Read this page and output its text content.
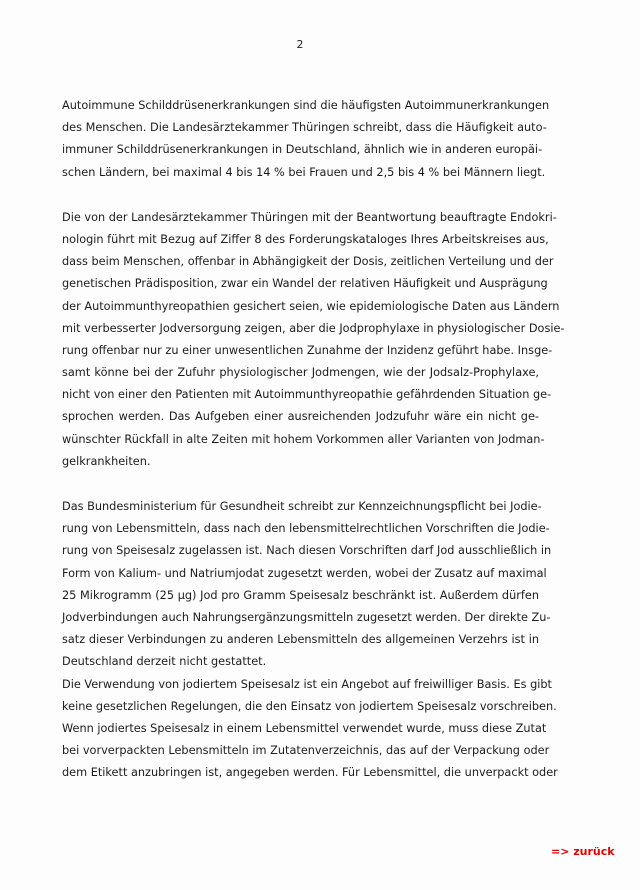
2
Autoimmune Schilddrüsenerkrankungen sind die häufigsten Autoimmunerkrankungen
des Menschen. Die Landesärztekammer Thüringen schreibt, dass die Häufigkeit auto-
immuner Schilddrüsenerkrankungen in Deutschland, ähnlich wie in anderen europäi-
schen Ländern, bei maximal 4 bis 14 % bei Frauen und 2,5 bis 4 % bei Männern liegt.
Die von der Landesärztekammer Thüringen mit der Beantwortung beauftragte Endokri-
nologin führt mit Bezug auf Ziffer 8 des Forderungskataloges Ihres Arbeitskreises aus,
dass beim Menschen, offenbar in Abhängigkeit der Dosis, zeitlichen Verteilung und der
genetischen Prädisposition, zwar ein Wandel der relativen Häufigkeit und Ausprägung
der Autoimmunthyreopathien gesichert seien, wie epidemiologische Daten aus Ländern
mit verbesserter Jodversorgung zeigen, aber die Jodprophylaxe in physiologischer Dosie-
rung offenbar nur zu einer unwesentlichen Zunahme der Inzidenz geführt habe. Insge-
samt könne bei der Zufuhr physiologischer Jodmengen, wie der Jodsalz-Prophylaxe,
nicht von einer den Patienten mit Autoimmunthyreopathie gefährdenden Situation ge-
sprochen werden. Das Aufgeben einer ausreichenden Jodzufuhr wäre ein nicht ge-
wünschter Rückfall in alte Zeiten mit hohem Vorkommen aller Varianten von Jodman-
gelkrankheiten.
Das Bundesministerium für Gesundheit schreibt zur Kennzeichnungspflicht bei Jodie-
rung von Lebensmitteln, dass nach den lebensmittelrechtlichen Vorschriften die Jodie-
rung von Speisesalz zugelassen ist. Nach diesen Vorschriften darf Jod ausschließlich in
Form von Kalium- und Natriumjodat zugesetzt werden, wobei der Zusatz auf maximal
25 Mikrogramm (25 µg) Jod pro Gramm Speisesalz beschränkt ist. Außerdem dürfen
Jodverbindungen auch Nahrungsergänzungsmitteln zugesetzt werden. Der direkte Zu-
satz dieser Verbindungen zu anderen Lebensmitteln des allgemeinen Verzehrs ist in
Deutschland derzeit nicht gestattet.
Die Verwendung von jodiertem Speisesalz ist ein Angebot auf freiwilliger Basis. Es gibt
keine gesetzlichen Regelungen, die den Einsatz von jodiertem Speisesalz vorschreiben.
Wenn jodiertes Speisesalz in einem Lebensmittel verwendet wurde, muss diese Zutat
bei vorverpackten Lebensmitteln im Zutatenverzeichnis, das auf der Verpackung oder
dem Etikett anzubringen ist, angegeben werden. Für Lebensmittel, die unverpackt oder
=> zurück
